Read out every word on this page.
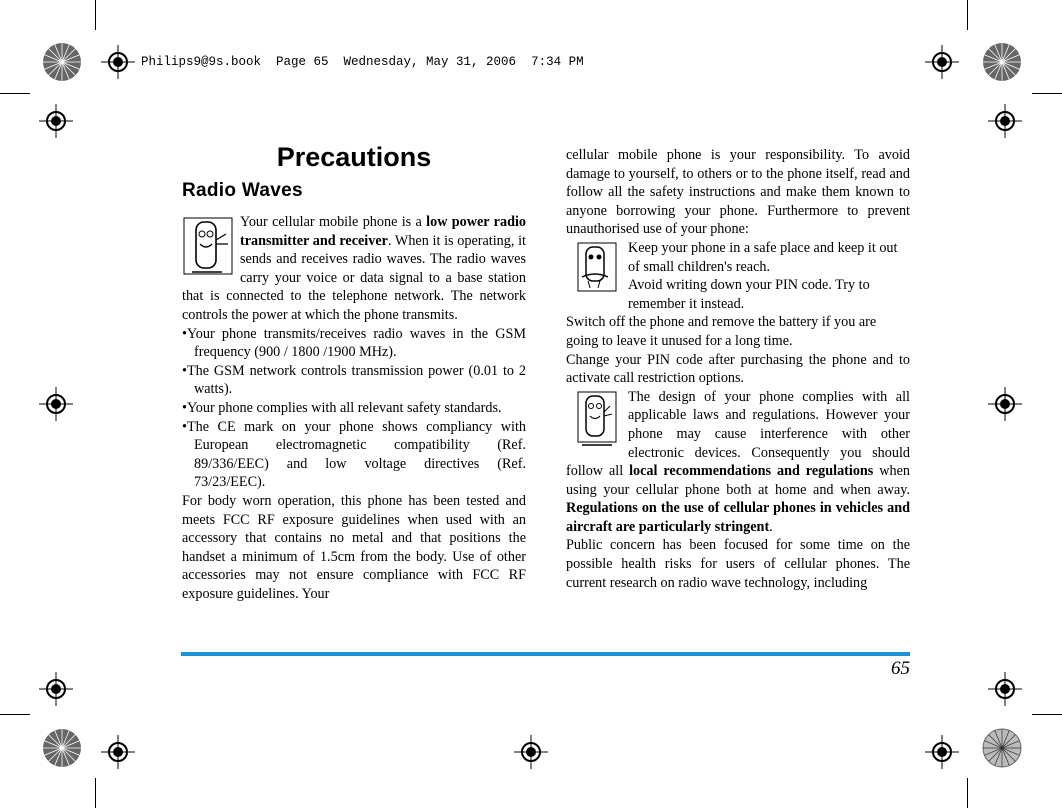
Philips9@9s.book  Page 65  Wednesday, May 31, 2006  7:34 PM
Precautions
Radio Waves

Your cellular mobile phone is a low power radio transmitter and receiver. When it is operating, it sends and receives radio waves. The radio waves carry your voice or data signal to a base station that is connected to the telephone network. The network controls the power at which the phone transmits.

• Your phone transmits/receives radio waves in the GSM frequency (900 / 1800 /1900 MHz).
• The GSM network controls transmission power (0.01 to 2 watts).
• Your phone complies with all relevant safety standards.
• The CE mark on your phone shows compliancy with European electromagnetic compatibility (Ref. 89/336/EEC) and low voltage directives (Ref. 73/23/EEC).

For body worn operation, this phone has been tested and meets FCC RF exposure guidelines when used with an accessory that contains no metal and that positions the handset a minimum of 1.5cm from the body. Use of other accessories may not ensure compliance with FCC RF exposure guidelines. Your

cellular mobile phone is your responsibility. To avoid damage to yourself, to others or to the phone itself, read and follow all the safety instructions and make them known to anyone borrowing your phone. Furthermore to prevent unauthorised use of your phone:

Keep your phone in a safe place and keep it out of small children's reach.

Avoid writing down your PIN code. Try to remember it instead.

Switch off the phone and remove the battery if you are going to leave it unused for a long time.

Change your PIN code after purchasing the phone and to activate call restriction options.

The design of your phone complies with all applicable laws and regulations. However your phone may cause interference with other electronic devices. Consequently you should follow all local recommendations and regulations when using your cellular phone both at home and when away. Regulations on the use of cellular phones in vehicles and aircraft are particularly stringent.

Public concern has been focused for some time on the possible health risks for users of cellular phones. The current research on radio wave technology, including

65
